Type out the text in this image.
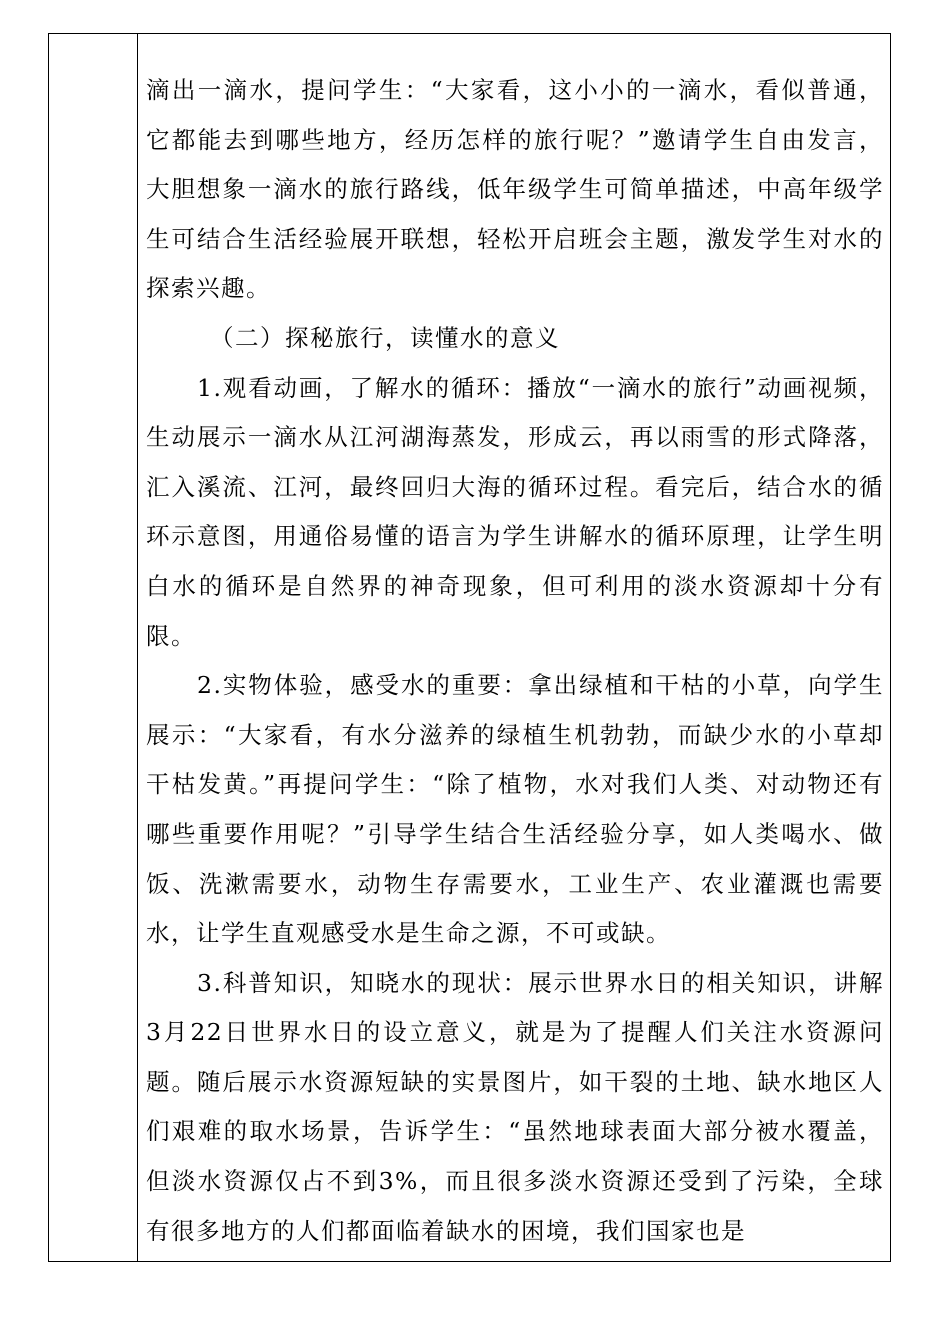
滴出一滴水，提问学生：“大家看，这小小的一滴水，看似普通，它都能去到哪些地方，经历怎样的旅行呢？”邀请学生自由发言，大胆想象一滴水的旅行路线，低年级学生可简单描述，中高年级学生可结合生活经验展开联想，轻松开启班会主题，激发学生对水的探索兴趣。

（二）探秘旅行，读懂水的意义

1.观看动画，了解水的循环：播放“一滴水的旅行”动画视频，生动展示一滴水从江河湖海蒸发，形成云，再以雨雪的形式降落，汇入溪流、江河，最终回归大海的循环过程。看完后，结合水的循环示意图，用通俗易懂的语言为学生讲解水的循环原理，让学生明白水的循环是自然界的神奇现象，但可利用的淡水资源却十分有限。

2.实物体验，感受水的重要：拿出绿植和干枯的小草，向学生展示：“大家看，有水分滋养的绿植生机勃勃，而缺少水的小草却干枯发黄。”再提问学生：“除了植物，水对我们人类、对动物还有哪些重要作用呢？”引导学生结合生活经验分享，如人类喝水、做饭、洗漱需要水，动物生存需要水，工业生产、农业灌溉也需要水，让学生直观感受水是生命之源，不可或缺。

3.科普知识，知晓水的现状：展示世界水日的相关知识，讲解3月22日世界水日的设立意义，就是为了提醒人们关注水资源问题。随后展示水资源短缺的实景图片，如干裂的土地、缺水地区人们艰难的取水场景，告诉学生：“虽然地球表面大部分被水覆盖，但淡水资源仅占不到3%，而且很多淡水资源还受到了污染，全球有很多地方的人们都面临着缺水的困境，我们国家也是
